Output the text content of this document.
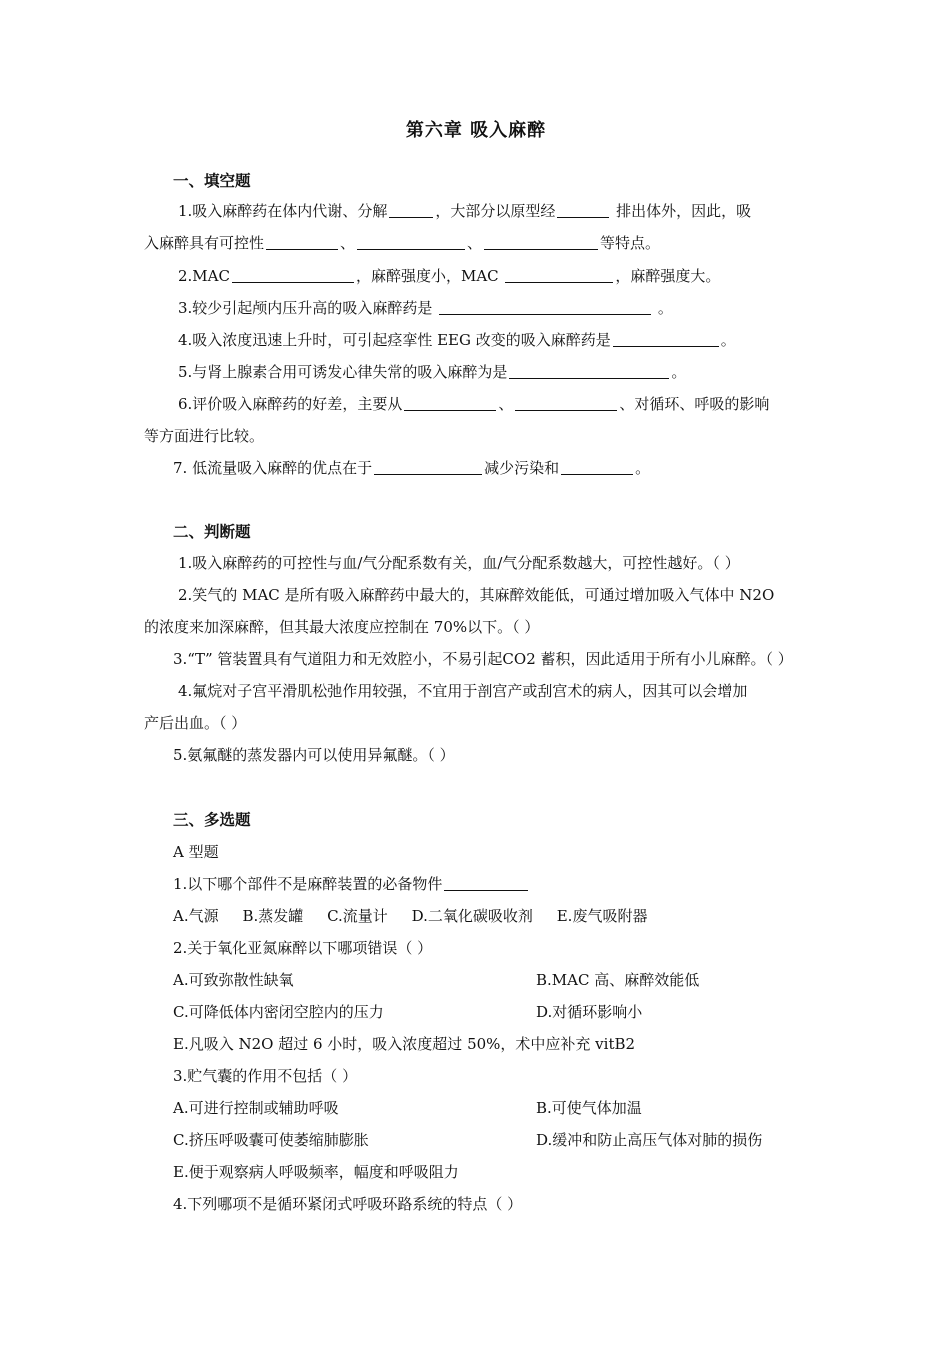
第六章 吸入麻醉
一、填空题
1.吸入麻醉药在体内代谢、分解	，大部分以原型经	排出体外，因此，吸
入麻醉具有可控性	、	、	等特点。
2.MAC	，麻醉强度小，MAC	，麻醉强度大。
3.较少引起颅内压升高的吸入麻醉药是	。
4.吸入浓度迅速上升时，可引起痉挛性 EEG 改变的吸入麻醉药是	。
5.与肾上腺素合用可诱发心律失常的吸入麻醉为是	。
6.评价吸入麻醉药的好差，主要从	、	、对循环、呼吸的影响
等方面进行比较。
7. 低流量吸入麻醉的优点在于	减少污染和	。
二、判断题
1.吸入麻醉药的可控性与血/气分配系数有关，血/气分配系数越大，可控性越好。（ ）
2.笑气的 MAC 是所有吸入麻醉药中最大的，其麻醉效能低，可通过增加吸入气体中 N2O
的浓度来加深麻醉，但其最大浓度应控制在 70%以下。（ ）
3.“T” 管装置具有气道阻力和无效腔小，不易引起CO2 蓄积，因此适用于所有小儿麻醉。（ ）
4.氟烷对子宫平滑肌松弛作用较强，不宜用于剖宫产或刮宫术的病人，因其可以会增加
产后出血。（ ）
5.氨氟醚的蒸发器内可以使用异氟醚。（ ）
三、多选题
A 型题
1.以下哪个部件不是麻醉装置的必备物件
A.气源     B.蒸发罐     C.流量计     D.二氧化碳吸收剂     E.废气吸附器
2.关于氧化亚氮麻醉以下哪项错误（ ）
A.可致弥散性缺氧	B.MAC 高、麻醉效能低
C.可降低体内密闭空腔内的压力	D.对循环影响小
E.凡吸入 N2O 超过 6 小时，吸入浓度超过 50%，术中应补充 vitB2
3.贮气囊的作用不包括（ ）
A.可进行控制或辅助呼吸	B.可使气体加温
C.挤压呼吸囊可使萎缩肺膨胀	D.缓冲和防止高压气体对肺的损伤
E.便于观察病人呼吸频率，幅度和呼吸阻力
4.下列哪项不是循环紧闭式呼吸环路系统的特点（ ）
